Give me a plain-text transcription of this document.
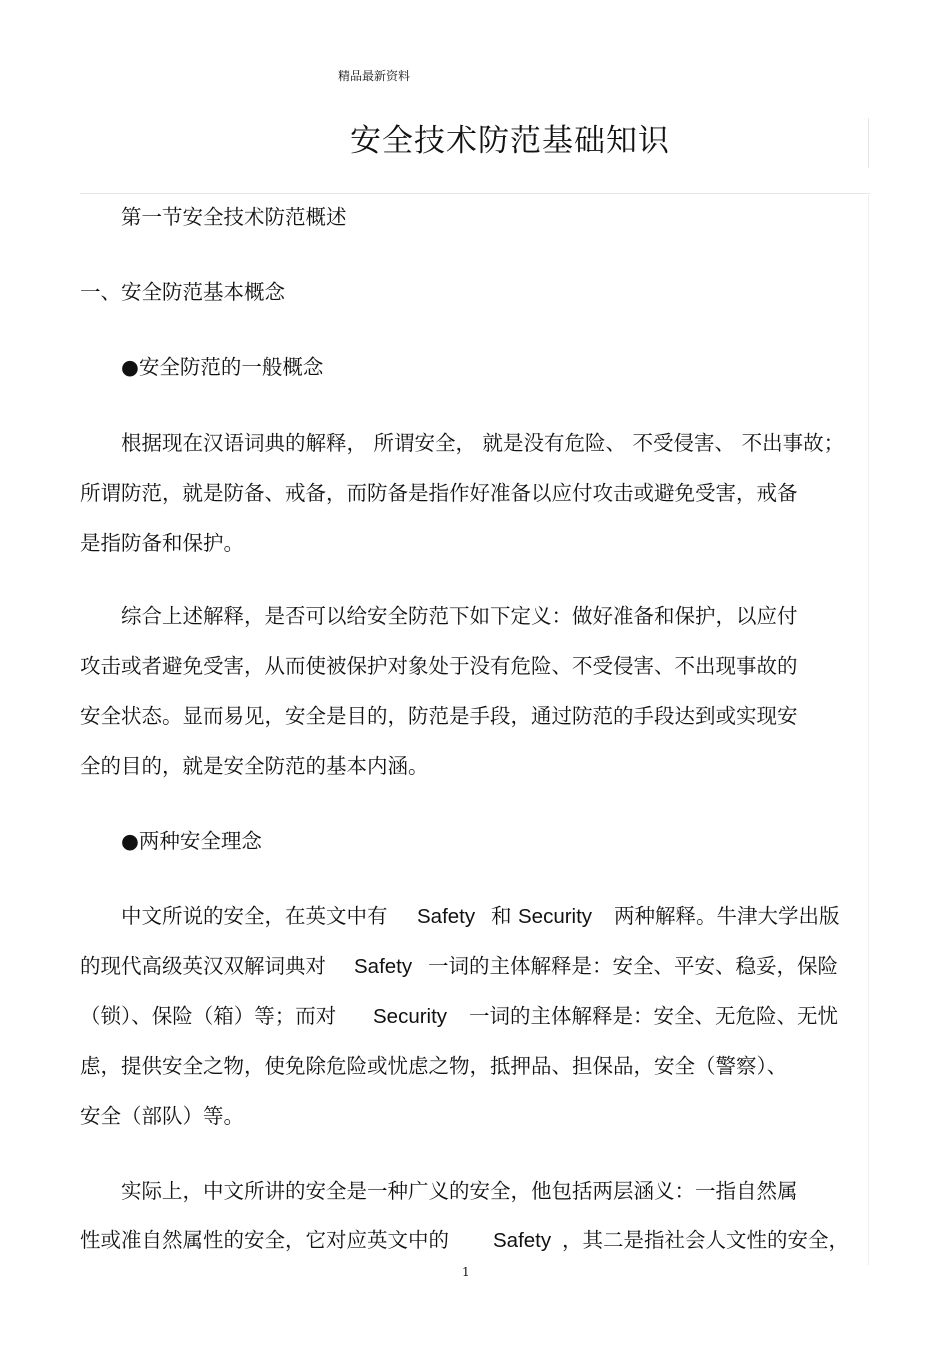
精品最新资料
安全技术防范基础知识
第一节安全技术防范概述
一、安全防范基本概念
●安全防范的一般概念
根据现在汉语词典的解释， 所谓安全， 就是没有危险、 不受侵害、 不出事故；
所谓防范，就是防备、戒备，而防备是指作好准备以应付攻击或避免受害，戒备
是指防备和保护。
综合上述解释，是否可以给安全防范下如下定义：做好准备和保护，以应付
攻击或者避免受害，从而使被保护对象处于没有危险、不受侵害、不出现事故的
安全状态。显而易见，安全是目的，防范是手段，通过防范的手段达到或实现安
全的目的，就是安全防范的基本内涵。
●两种安全理念
中文所说的安全，在英文中有 Safety 和 Security 两种解释。牛津大学出版
的现代高级英汉双解词典对 Safety 一词的主体解释是：安全、平安、稳妥，保险
（锁）、保险（箱）等；而对 Security 一词的主体解释是：安全、无危险、无忧
虑，提供安全之物，使免除危险或忧虑之物，抵押品、担保品，安全（警察）、
安全（部队）等。
实际上，中文所讲的安全是一种广义的安全，他包括两层涵义：一指自然属
性或准自然属性的安全，它对应英文中的 Safety ，其二是指社会人文性的安全，
1
